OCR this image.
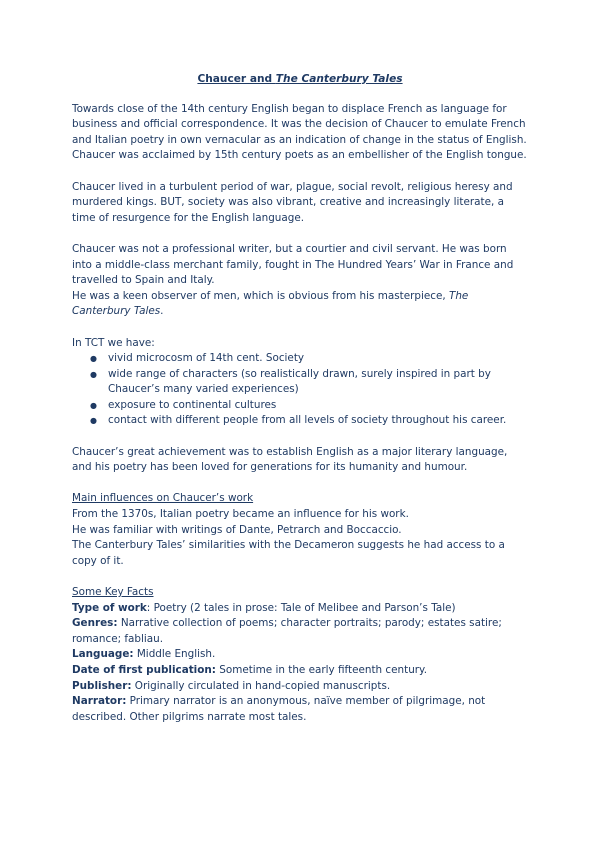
Chaucer and The Canterbury Tales

Towards close of the 14th century English began to displace French as language for business and official correspondence. It was the decision of Chaucer to emulate French and Italian poetry in own vernacular as an indication of change in the status of English. Chaucer was acclaimed by 15th century poets as an embellisher of the English tongue.

Chaucer lived in a turbulent period of war, plague, social revolt, religious heresy and murdered kings. BUT, society was also vibrant, creative and increasingly literate, a time of resurgence for the English language.

Chaucer was not a professional writer, but a courtier and civil servant. He was born into a middle-class merchant family, fought in The Hundred Years’ War in France and travelled to Spain and Italy.

He was a keen observer of men, which is obvious from his masterpiece, The Canterbury Tales.

In TCT we have:

● vivid microcosm of 14th cent. Society
● wide range of characters (so realistically drawn, surely inspired in part by Chaucer’s many varied experiences)
● exposure to continental cultures
● contact with different people from all levels of society throughout his career.

Chaucer’s great achievement was to establish English as a major literary language, and his poetry has been loved for generations for its humanity and humour.

Main influences on Chaucer’s work

From the 1370s, Italian poetry became an influence for his work.

He was familiar with writings of Dante, Petrarch and Boccaccio.

The Canterbury Tales’ similarities with the Decameron suggests he had access to a copy of it.

Some Key Facts

Type of work: Poetry (2 tales in prose: Tale of Melibee and Parson’s Tale)

Genres: Narrative collection of poems; character portraits; parody; estates satire; romance; fabliau.

Language: Middle English.

Date of first publication: Sometime in the early fifteenth century.

Publisher: Originally circulated in hand-copied manuscripts.

Narrator: Primary narrator is an anonymous, naïve member of pilgrimage, not described. Other pilgrims narrate most tales.
